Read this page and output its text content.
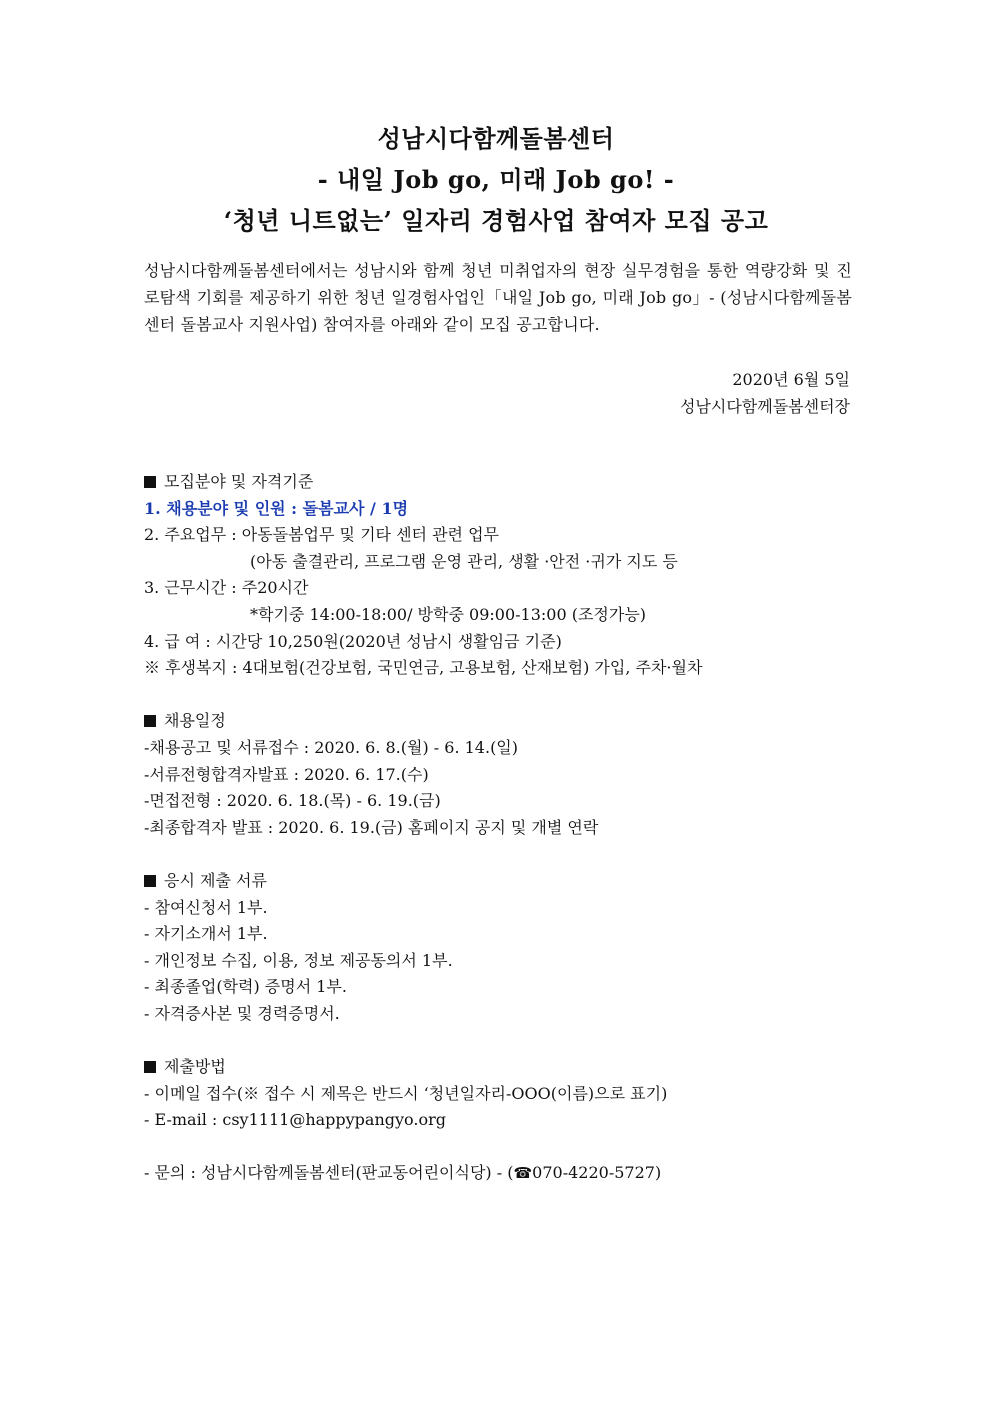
성남시다함께돌봄센터
- 내일 Job go, 미래 Job go! -
‘청년 니트없는’ 일자리 경험사업 참여자 모집 공고
성남시다함께돌봄센터에서는 성남시와 함께 청년 미취업자의 현장 실무경험을 통한 역량강화 및 진로탐색 기회를 제공하기 위한 청년 일경험사업인「내일 Job go, 미래 Job go」- (성남시다함께돌봄센터 돌봄교사 지원사업) 참여자를 아래와 같이 모집 공고합니다.
2020년 6월 5일
성남시다함께돌봄센터장
모집분야 및 자격기준
1. 채용분야 및 인원 : 돌봄교사 / 1명
2. 주요업무 : 아동돌봄업무 및 기타 센터 관련 업무
(아동 출결관리, 프로그램 운영 관리, 생활 ·안전 ·귀가 지도 등
3. 근무시간 : 주20시간
*학기중 14:00-18:00/ 방학중 09:00-13:00 (조정가능)
4. 급 여 : 시간당 10,250원(2020년 성남시 생활임금 기준)
※ 후생복지 : 4대보험(건강보험, 국민연금, 고용보험, 산재보험) 가입, 주차·월차
채용일정
-채용공고 및 서류접수 : 2020. 6. 8.(월) - 6. 14.(일)
-서류전형합격자발표 : 2020. 6. 17.(수)
-면접전형 : 2020. 6. 18.(목) - 6. 19.(금)
-최종합격자 발표 : 2020. 6. 19.(금) 홈페이지 공지 및 개별 연락
응시 제출 서류
- 참여신청서 1부.
- 자기소개서 1부.
- 개인정보 수집, 이용, 정보 제공동의서 1부.
- 최종졸업(학력) 증명서 1부.
- 자격증사본 및 경력증명서.
제출방법
- 이메일 접수(※ 접수 시 제목은 반드시 ‘청년일자리-OOO(이름)으로 표기)
- E-mail : csy1111@happypangyo.org
- 문의 : 성남시다함께돌봄센터(판교동어린이식당) - (☎070-4220-5727)
